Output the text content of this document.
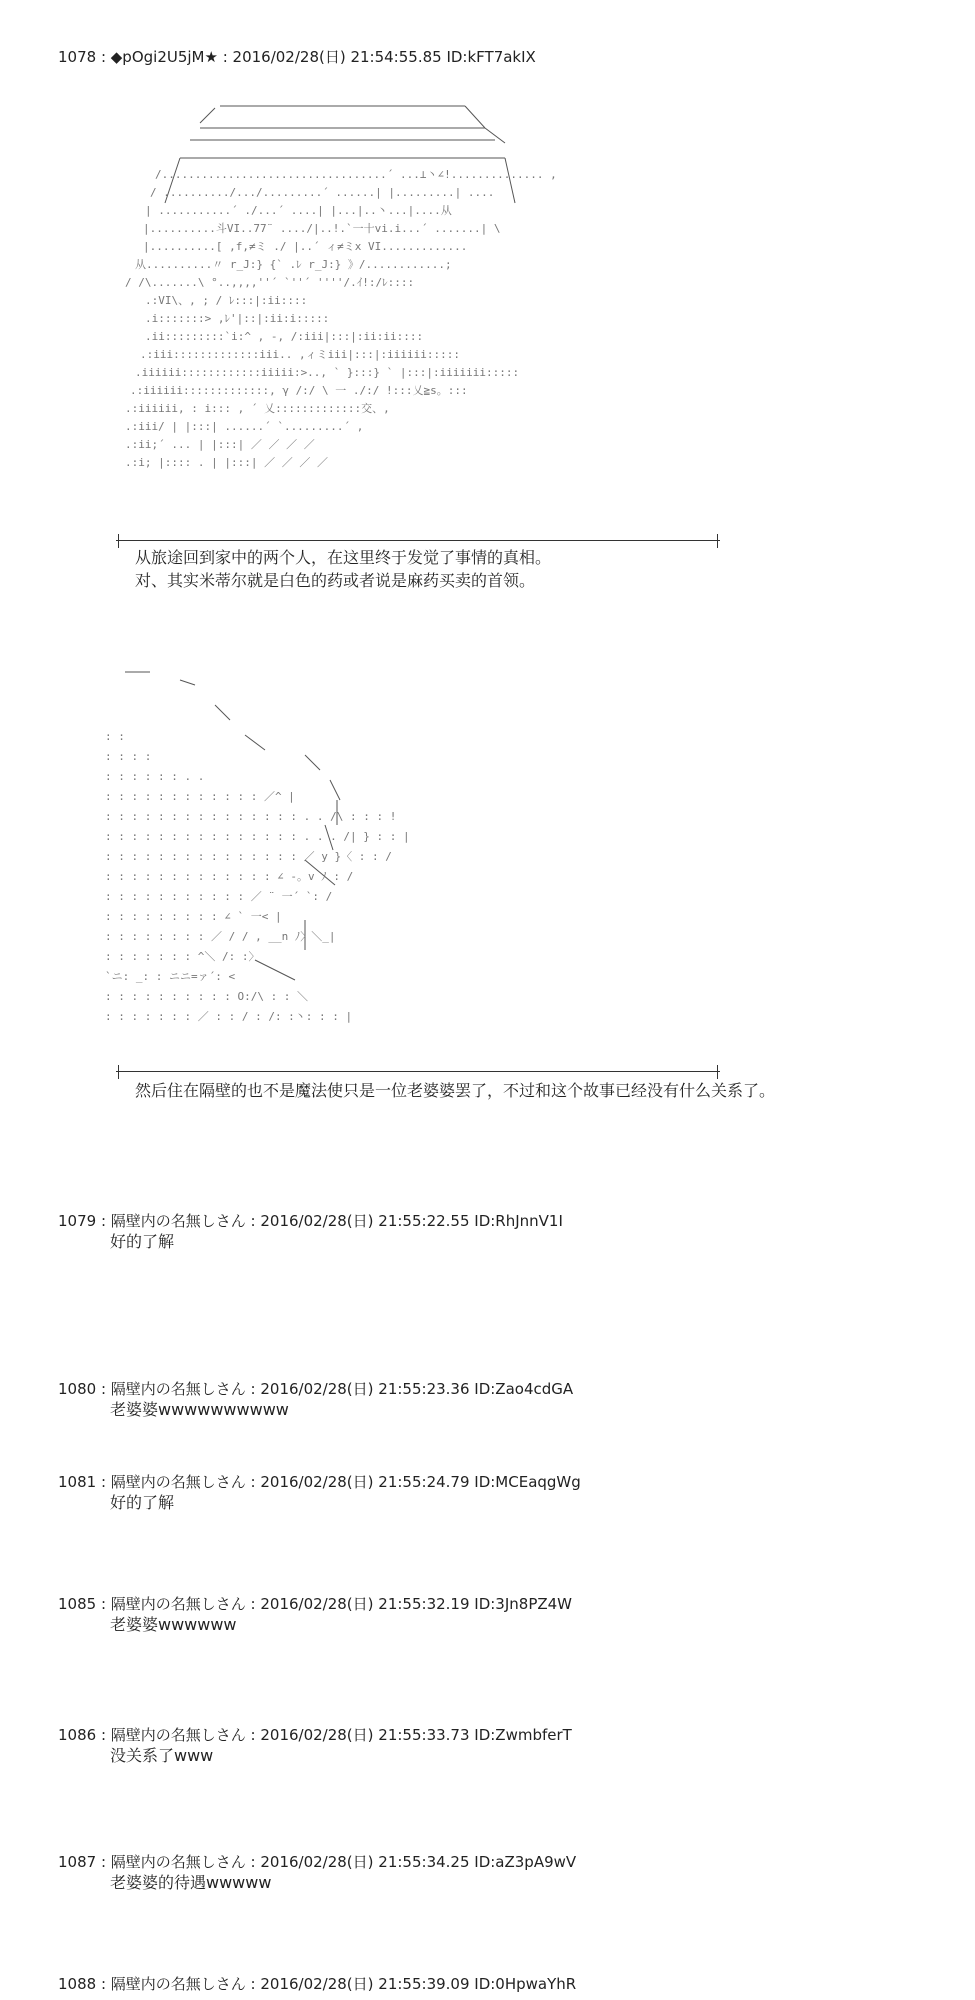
1078 : ◆pOgi2U5jM★ : 2016/02/28(日) 21:54:55.85 ID:kFT7akIX
/..................................´ ...⊥丶∠!.............. ,
/ ........../.../.........´ ......| |.........| ....
| ...........´ ./...´ ....| |...|..丶...|....从
|..........斗VI..77¨ ..../|..!.`一十vi.i...´ .......| \
|..........[ ,f,≠ミ ./ |..´ ィ≠ミx VI.............
从..........〃 r_J:} {` .ﾚ r_J:} 》/............;
/ /\.......\ °..,,,,''´ `''´ ''''/.ｲ!:/ﾚ::::
.:VI\、, ; / ﾚ:::|:ii::::
.i:::::::> ,ﾚ'|::|:ii:i:::::
.ii:::::::::`i:^ , -, /:iii|:::|:ii:ii::::
.:iii:::::::::::::iii.. ,ィミiii|:::|:iiiiii:::::
.iiiiii::::::::::::iiiii:>.., ` }:::} ` |:::|:iiiiiii:::::
.:iiiiii:::::::::::::, γ /:/ \ 一 ./:/ !:::乂≧s。:::
.:iiiiii, : i::: , ´ 乂:::::::::::::交、,
.:iii/ | |:::| ......´ `.........´ ,
.:ii;´ ... | |:::| ／ ／ ／ ／
.:i; |:::: . | |:::| ／ ／ ／ ／
从旅途回到家中的两个人，在这里终于发觉了事情的真相。
对、其实米蒂尔就是白色的药或者说是麻药买卖的首领。
: :
: : : :
: : : : : : . .
: : : : : : : : : : : : ／^ |
: : : : : : : : : : : : : : : . . /\ : : : !
: : : : : : : : : : : : : : : . . . /| } : : |
: : : : : : : : : : : : : : : ／ y }〈 : : /
: : : : : : : : : : : : : ∠ -。v ﾉ : /
: : : : : : : : : : : ／ ¨ 一´ `: /
: : : : : : : : : ∠ ` 一< |
: : : : : : : : ／ / / , __n ﾉ〉＼_|
: : : : : : : ^＼ /: :〉
`ニ: _: : ニニ=ァ´: <
: : : : : : : : : : O:/\ : : ＼
: : : : : : : ／ : : / : /: :丶: : : |
然后住在隔壁的也不是魔法使只是一位老婆婆罢了，不过和这个故事已经没有什么关系了。
1079 : 隔壁内の名無しさん : 2016/02/28(日) 21:55:22.55 ID:RhJnnV1I
好的了解
1080 : 隔壁内の名無しさん : 2016/02/28(日) 21:55:23.36 ID:Zao4cdGA
老婆婆wwwwwwwwww
1081 : 隔壁内の名無しさん : 2016/02/28(日) 21:55:24.79 ID:MCEaqgWg
好的了解
1085 : 隔壁内の名無しさん : 2016/02/28(日) 21:55:32.19 ID:3Jn8PZ4W
老婆婆wwwwww
1086 : 隔壁内の名無しさん : 2016/02/28(日) 21:55:33.73 ID:ZwmbferT
没关系了www
1087 : 隔壁内の名無しさん : 2016/02/28(日) 21:55:34.25 ID:aZ3pA9wV
老婆婆的待遇wwwww
1088 : 隔壁内の名無しさん : 2016/02/28(日) 21:55:39.09 ID:0HpwaYhR
